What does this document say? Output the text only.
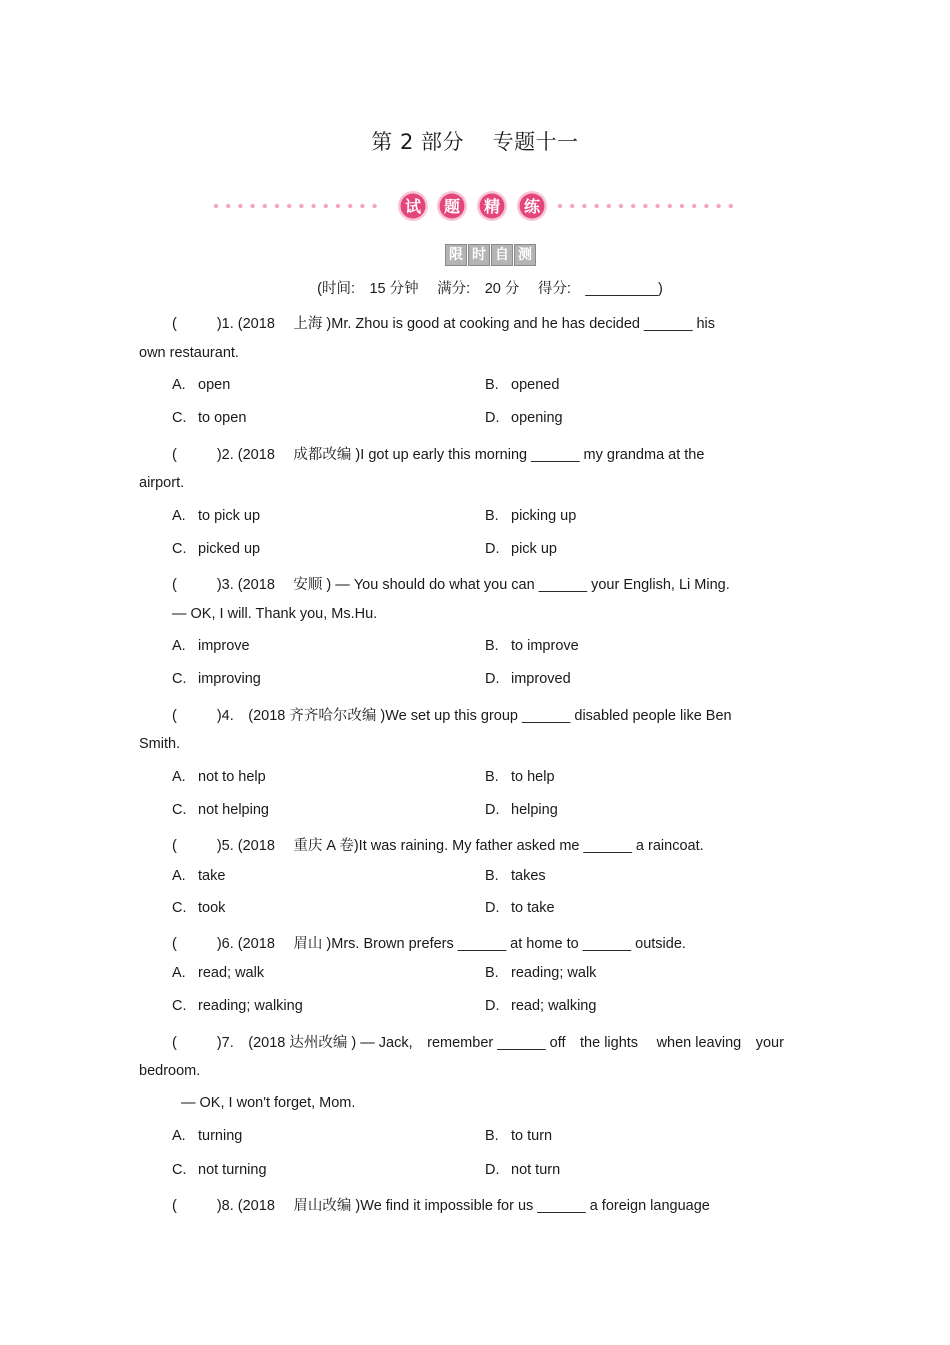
第 2 部分　 专题十一
试 题 精 练
限 时 自 测
(时间:　15 分钟　 满分:　20 分　 得分:　_________)
(	)1. (2018　 上海 )Mr. Zhou is good at cooking and he has decided ______ his
own restaurant.
A. open	B. opened
C. to open	D. opening
(	)2. (2018　 成都改编 )I got up early this morning ______ my grandma at the
airport.
A. to pick up	B. picking up
C. picked up	D. pick up
(	)3. (2018　 安顺 ) — You should do what you can ______ your English, Li Ming.
— OK, I will. Thank you, Ms.Hu.
A. improve	B. to improve
C. improving	D. improved
(	)4.　(2018 齐齐哈尔改编 )We set up this group ______ disabled people like Ben
Smith.
A. not to help	B. to help
C. not helping	D. helping
(	)5. (2018　 重庆 A 卷)It was raining. My father asked me ______ a raincoat.
A. take	B. takes
C. took	D. to take
(	)6. (2018　 眉山 )Mrs. Brown prefers ______ at home to ______ outside.
A. read; walk	B. reading; walk
C. reading; walking	D. read; walking
(	)7.　(2018 达州改编 ) — Jack,　remember ______ off　the lights　 when leaving　your
bedroom.
— OK, I won't forget, Mom.
A. turning	B. to turn
C. not turning	D. not turn
(	)8. (2018　 眉山改编 )We find it impossible for us ______ a foreign language
